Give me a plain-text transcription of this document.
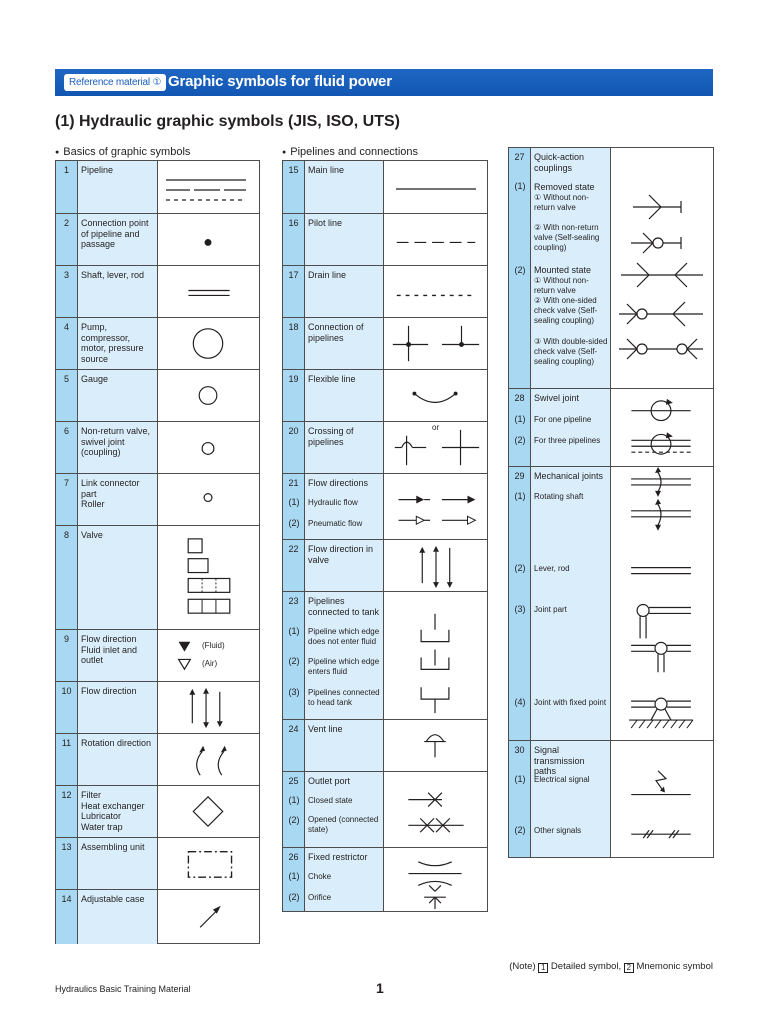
Reference material ① Graphic symbols for fluid power
(1) Hydraulic graphic symbols (JIS, ISO, UTS)
● Basics of graphic symbols
●	Pipelines and connections
1	Pipeline
2	Connection point of pipeline and passage
3	Shaft, lever, rod
4	Pump, compressor, motor, pressure source
5	Gauge
6	Non-return valve, swivel joint (coupling)
7	Link connector part
Roller
8	Valve
9	Flow direction
Fluid inlet and outlet
(Fluid)
(Air)
10	Flow direction
11	Rotation direction
12	Filter
Heat exchanger
Lubricator
Water trap
13	Assembling unit
14	Adjustable case
15	Main line
16	Pilot line
17	Drain line
18	Connection of pipelines
19	Flexible line
20	Crossing of pipelines
or
21
(1)
(2)
Flow directions
Hydraulic flow
Pneumatic flow
22	Flow direction in valve
23
(1)
(2)
(3)
Pipelines connected to tank
Pipeline which edge does not enter fluid
Pipeline which edge enters fluid
Pipelines connected to head tank
24	Vent line
25
(1)
(2)
Outlet port
Closed state
Opened (connected state)
26
(1)
(2)
Fixed restrictor
Choke
Orifice
27
(1)
(2)
Quick-action couplings
Removed state
① Without non-return valve
② With non-return valve (Self-sealing coupling)
Mounted state
① Without non-return valve
② With one-sided check valve (Self-sealing coupling)
③ With double-sided check valve (Self-sealing coupling)
28
(1)
(2)
Swivel joint
For one pipeline
For three pipelines
29
(1)
(2)
(3)
(4)
Mechanical joints
Rotating shaft
Lever, rod
Joint part
Joint with fixed point
30
(1)
(2)
Signal transmission paths
Electrical signal
Other signals
(Note) 1 Detailed symbol, 2 Mnemonic symbol
Hydraulics Basic Training Material	1
